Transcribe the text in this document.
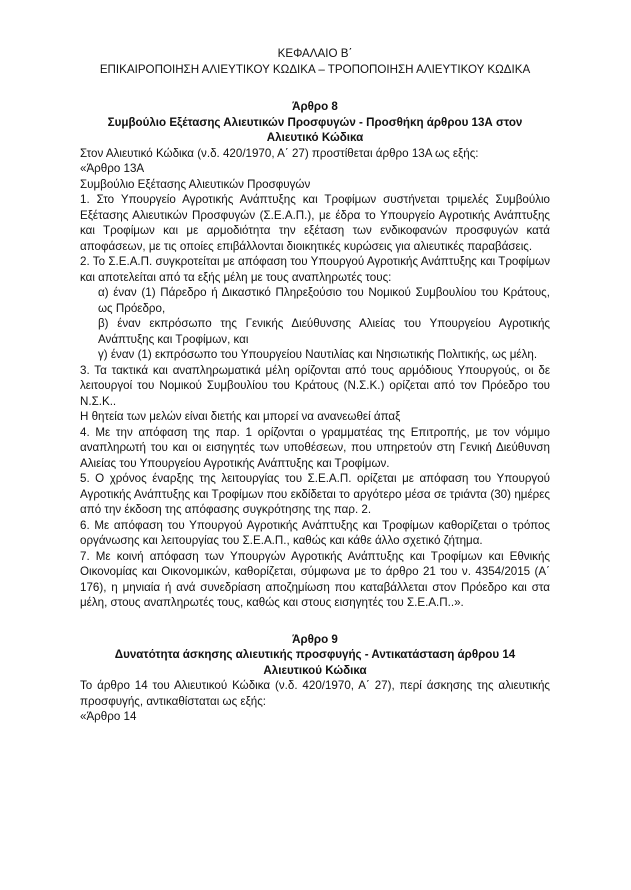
ΚΕΦΑΛΑΙΟ Β΄

ΕΠΙΚΑΙΡΟΠΟΙΗΣΗ ΑΛΙΕΥΤΙΚΟΥ ΚΩΔΙΚΑ – ΤΡΟΠΟΠΟΙΗΣΗ ΑΛΙΕΥΤΙΚΟΥ ΚΩΔΙΚΑ

Άρθρο 8

Συμβούλιο Εξέτασης Αλιευτικών Προσφυγών - Προσθήκη άρθρου 13Α στον

Αλιευτικό Κώδικα

Στον Αλιευτικό Κώδικα (ν.δ. 420/1970, Α΄ 27) προστίθεται άρθρο 13Α ως εξής:

«Άρθρο 13Α

Συμβούλιο Εξέτασης Αλιευτικών Προσφυγών

1. Στο Υπουργείο Αγροτικής Ανάπτυξης και Τροφίμων συστήνεται τριμελές Συμβούλιο Εξέτασης Αλιευτικών Προσφυγών (Σ.Ε.Α.Π.), με έδρα το Υπουργείο Αγροτικής Ανάπτυξης και Τροφίμων και με αρμοδιότητα την εξέταση των ενδικοφανών προσφυγών κατά αποφάσεων, με τις οποίες επιβάλλονται διοικητικές κυρώσεις για αλιευτικές παραβάσεις.

2. Το Σ.Ε.Α.Π. συγκροτείται με απόφαση του Υπουργού Αγροτικής Ανάπτυξης και Τροφίμων και αποτελείται από τα εξής μέλη με τους αναπληρωτές τους:

α) έναν (1) Πάρεδρο ή Δικαστικό Πληρεξούσιο του Νομικού Συμβουλίου του Κράτους, ως Πρόεδρο,

β) έναν εκπρόσωπο της Γενικής Διεύθυνσης Αλιείας του Υπουργείου Αγροτικής Ανάπτυξης και Τροφίμων, και

γ) έναν (1) εκπρόσωπο του Υπουργείου Ναυτιλίας και Νησιωτικής Πολιτικής, ως μέλη.

3. Τα τακτικά και αναπληρωματικά μέλη ορίζονται από τους αρμόδιους Υπουργούς, οι δε λειτουργοί του Νομικού Συμβουλίου του Κράτους (Ν.Σ.Κ.) ορίζεται από τον Πρόεδρο του Ν.Σ.Κ..

Η θητεία των μελών είναι διετής και μπορεί να ανανεωθεί άπαξ

4. Με την απόφαση της παρ. 1 ορίζονται ο γραμματέας της Επιτροπής, με τον νόμιμο αναπληρωτή του και οι εισηγητές των υποθέσεων, που υπηρετούν στη Γενική Διεύθυνση Αλιείας του Υπουργείου Αγροτικής Ανάπτυξης και Τροφίμων.

5. Ο χρόνος έναρξης της λειτουργίας του Σ.Ε.Α.Π. ορίζεται με απόφαση του Υπουργού Αγροτικής Ανάπτυξης και Τροφίμων που εκδίδεται το αργότερο μέσα σε τριάντα (30) ημέρες από την έκδοση της απόφασης συγκρότησης της παρ. 2.

6. Με απόφαση του Υπουργού Αγροτικής Ανάπτυξης και Τροφίμων καθορίζεται ο τρόπος οργάνωσης και λειτουργίας του Σ.Ε.Α.Π., καθώς και κάθε άλλο σχετικό ζήτημα.

7. Με κοινή απόφαση των Υπουργών Αγροτικής Ανάπτυξης και Τροφίμων και Εθνικής Οικονομίας και Οικονομικών, καθορίζεται, σύμφωνα με το άρθρο 21 του ν. 4354/2015 (Α΄ 176), η μηνιαία ή ανά συνεδρίαση αποζημίωση που καταβάλλεται στον Πρόεδρο και στα μέλη, στους αναπληρωτές τους, καθώς και στους εισηγητές του Σ.Ε.Α.Π..».

Άρθρο 9

Δυνατότητα άσκησης αλιευτικής προσφυγής - Αντικατάσταση άρθρου 14

Αλιευτικού Κώδικα

Το άρθρο 14 του Αλιευτικού Κώδικα (ν.δ. 420/1970, Α΄ 27), περί άσκησης της αλιευτικής προσφυγής, αντικαθίσταται ως εξής:

«Άρθρο 14
